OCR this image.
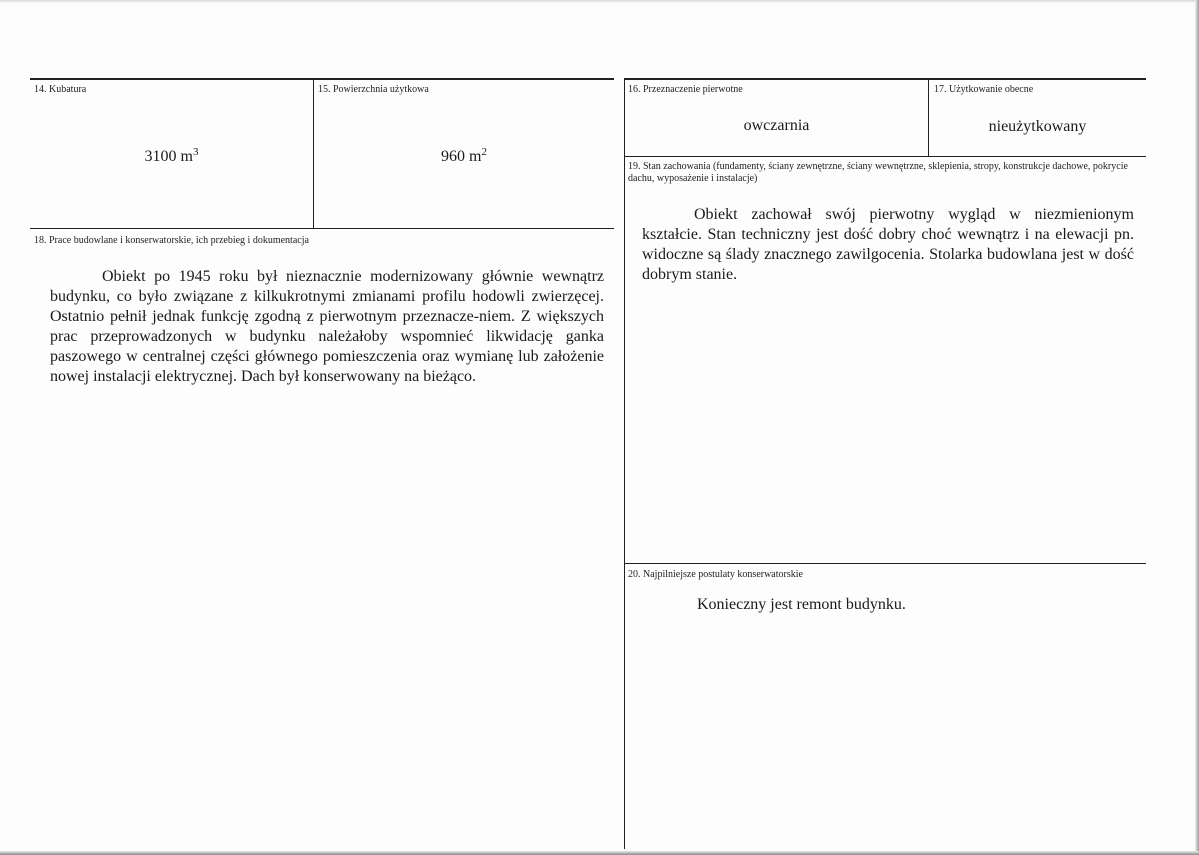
14. Kubatura
3100 $m^3$
15. Powierzchnia użytkowa
960 $m^2$
16. Przeznaczenie pierwotne
owczarnia
17. Użytkowanie obecne
nieużytkowany
19. Stan zachowania (fundamenty, ściany zewnętrzne, ściany wewnętrzne, sklepienia, stropy, konstrukcje dachowe, pokrycie dachu, wyposażenie i instalacje)
Obiekt zachował swój pierwotny wygląd w niezmienionym kształcie. Stan techniczny jest dość dobry choć wewnątrz i na elewacji pn. widoczne są ślady znacznego zawilgocenia. Stolarka budowlana jest w dość dobrym stanie.
18. Prace budowlane i konserwatorskie, ich przebieg i dokumentacja
Obiekt po 1945 roku był nieznacznie modernizowany głównie wewnątrz budynku, co było związane z kilkukrotnymi zmianami profilu hodowli zwierzęcej. Ostatnio pełnił jednak funkcję zgodną z pierwotnym przeznacze-niem. Z większych prac przeprowadzonych w budynku należałoby wspomnieć likwidację ganka paszowego w centralnej części głównego pomieszczenia oraz wymianę lub założenie nowej instalacji elektrycznej. Dach był konserwowany na bieżąco.
20. Najpilniejsze postulaty konserwatorskie
Konieczny jest remont budynku.
